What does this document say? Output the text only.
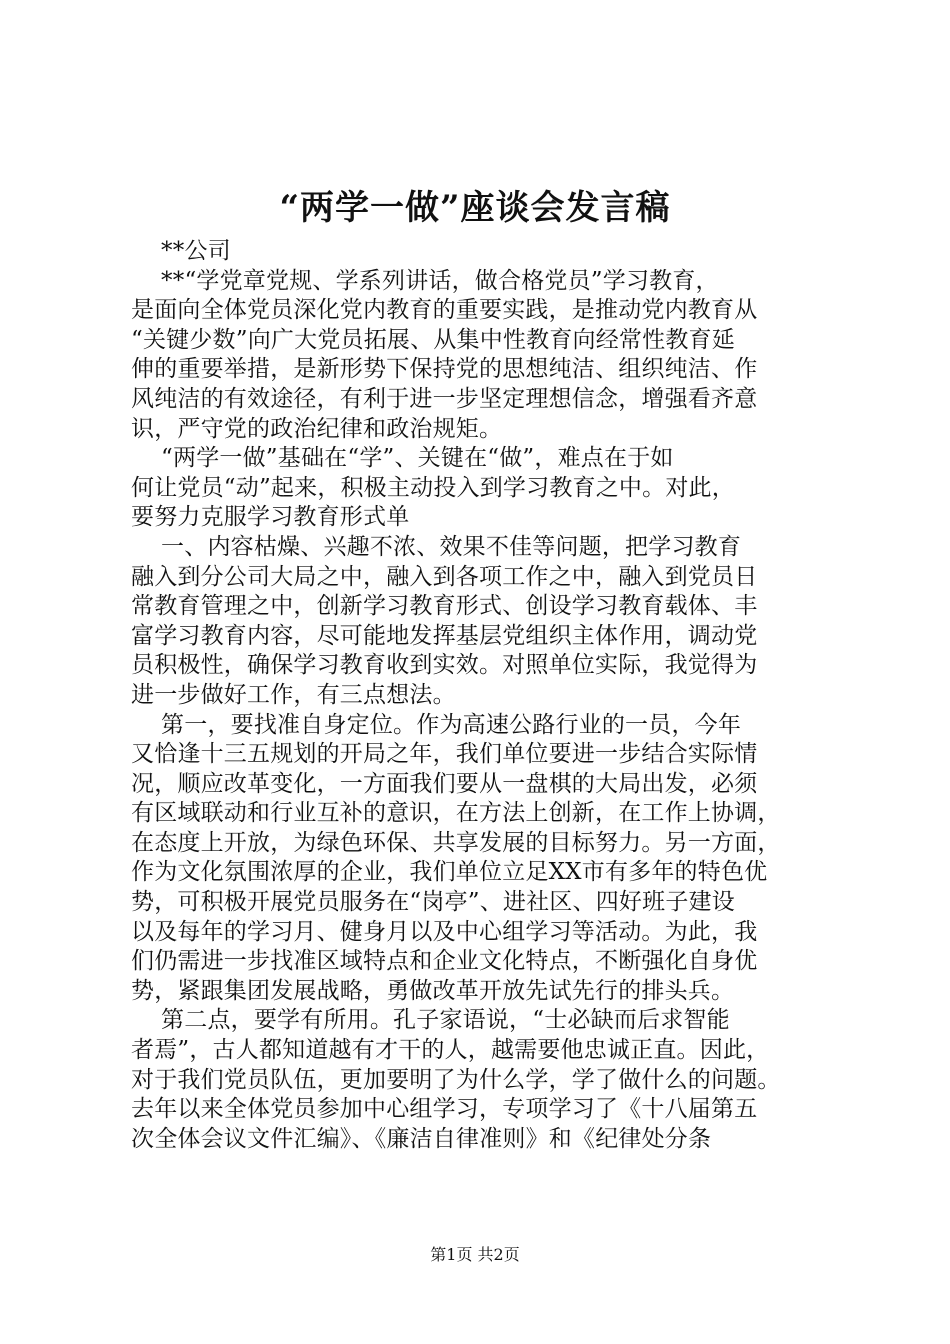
“两学一做”座谈会发言稿
**公司
**“学党章党规、学系列讲话，做合格党员”学习教育，
是面向全体党员深化党内教育的重要实践，是推动党内教育从
“关键少数”向广大党员拓展、从集中性教育向经常性教育延
伸的重要举措，是新形势下保持党的思想纯洁、组织纯洁、作
风纯洁的有效途径，有利于进一步坚定理想信念，增强看齐意
识，严守党的政治纪律和政治规矩。
“两学一做”基础在“学”、关键在“做”，难点在于如
何让党员“动”起来，积极主动投入到学习教育之中。对此，
要努力克服学习教育形式单
一、内容枯燥、兴趣不浓、效果不佳等问题，把学习教育
融入到分公司大局之中，融入到各项工作之中，融入到党员日
常教育管理之中，创新学习教育形式、创设学习教育载体、丰
富学习教育内容，尽可能地发挥基层党组织主体作用，调动党
员积极性，确保学习教育收到实效。对照单位实际，我觉得为
进一步做好工作，有三点想法。
第一，要找准自身定位。作为高速公路行业的一员，今年
又恰逢十三五规划的开局之年，我们单位要进一步结合实际情
况，顺应改革变化，一方面我们要从一盘棋的大局出发，必须
有区域联动和行业互补的意识，在方法上创新，在工作上协调，
在态度上开放，为绿色环保、共享发展的目标努力。另一方面，
作为文化氛围浓厚的企业，我们单位立足XX市有多年的特色优
势，可积极开展党员服务在“岗亭”、进社区、四好班子建设
以及每年的学习月、健身月以及中心组学习等活动。为此，我
们仍需进一步找准区域特点和企业文化特点，不断强化自身优
势，紧跟集团发展战略，勇做改革开放先试先行的排头兵。
第二点，要学有所用。孔子家语说，“士必缺而后求智能
者焉”，古人都知道越有才干的人，越需要他忠诚正直。因此，
对于我们党员队伍，更加要明了为什么学，学了做什么的问题。
去年以来全体党员参加中心组学习，专项学习了《十八届第五
次全体会议文件汇编》、《廉洁自律准则》和《纪律处分条
第1页 共2页
